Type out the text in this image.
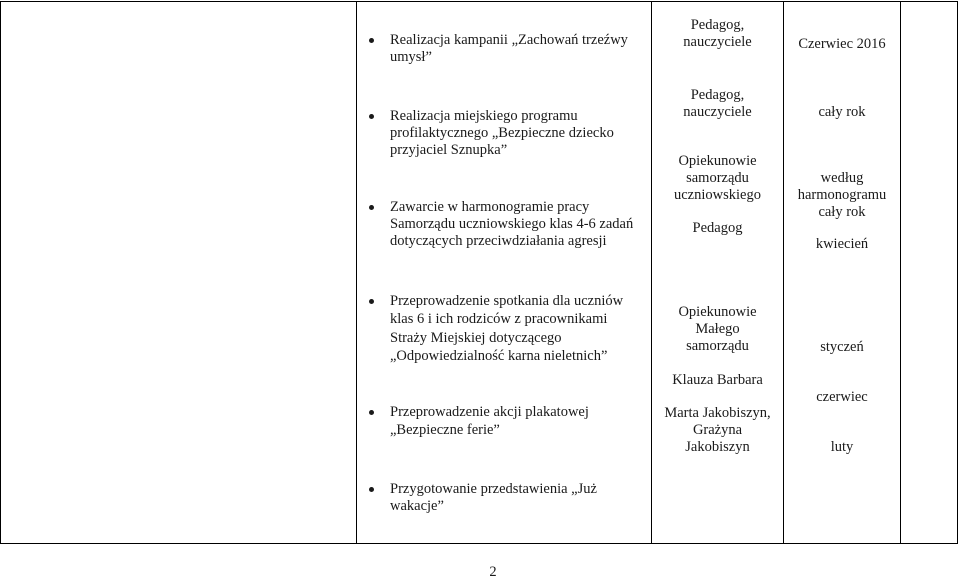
Realizacja kampanii „Zachowań trzeźwy
umysł”
Pedagog,
nauczyciele	Czerwiec 2016
Realizacja miejskiego programu
profilaktycznego „Bezpieczne dziecko
przyjaciel Sznupka”
Zawarcie w harmonogramie pracy
Samorządu uczniowskiego klas 4-6 zadań
dotyczących przeciwdziałania agresji
Pedagog,
nauczyciele
Opiekunowie
samorządu
uczniowskiego
Pedagog
cały rok
według
harmonogramu
cały rok
kwiecień
Przeprowadzenie spotkania dla uczniów
klas 6 i ich rodziców z pracownikami
Straży Miejskiej dotyczącego
„Odpowiedzialność karna nieletnich”
Przeprowadzenie akcji plakatowej
„Bezpieczne ferie”
Przygotowanie przedstawienia „Już
wakacje”
Opiekunowie
Małego
samorządu
Klauza Barbara
Marta Jakobiszyn,
Grażyna
Jakobiszyn
styczeń
czerwiec
luty
2
